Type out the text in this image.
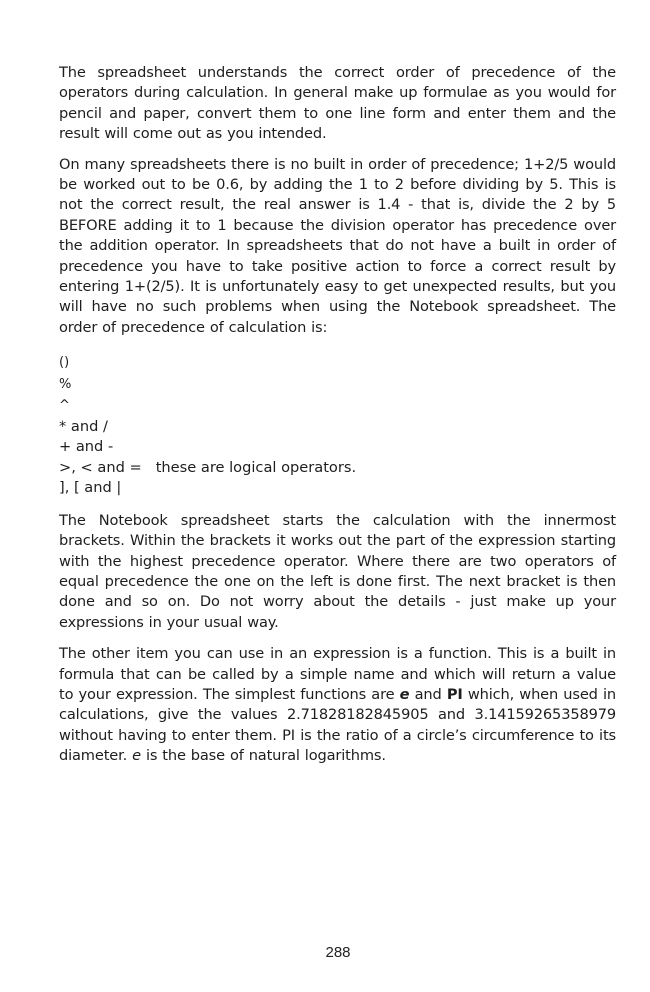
The spreadsheet understands the correct order of precedence of the operators during calculation. In general make up formulae as you would for pencil and paper, convert them to one line form and enter them and the result will come out as you intended.

On many spreadsheets there is no built in order of precedence; 1+2/5 would be worked out to be 0.6, by adding the 1 to 2 before dividing by 5. This is not the correct result, the real answer is 1.4 - that is, divide the 2 by 5 BEFORE adding it to 1 because the division operator has precedence over the addition operator. In spreadsheets that do not have a built in order of precedence you have to take positive action to force a correct result by entering 1+(2/5). It is unfortunately easy to get unexpected results, but you will have no such problems when using the Notebook spreadsheet. The order of precedence of calculation is:

()
%
^
* and /
+ and -
>, < and = these are logical operators.
], [ and |

The Notebook spreadsheet starts the calculation with the innermost brackets. Within the brackets it works out the part of the expression starting with the highest precedence operator. Where there are two operators of equal precedence the one on the left is done first. The next bracket is then done and so on. Do not worry about the details - just make up your expressions in your usual way.

The other item you can use in an expression is a function. This is a built in formula that can be called by a simple name and which will return a value to your expression. The simplest functions are e and PI which, when used in calculations, give the values 2.71828182845905 and 3.14159265358979 without having to enter them. PI is the ratio of a circle’s circumference to its diameter. e is the base of natural logarithms.

288
